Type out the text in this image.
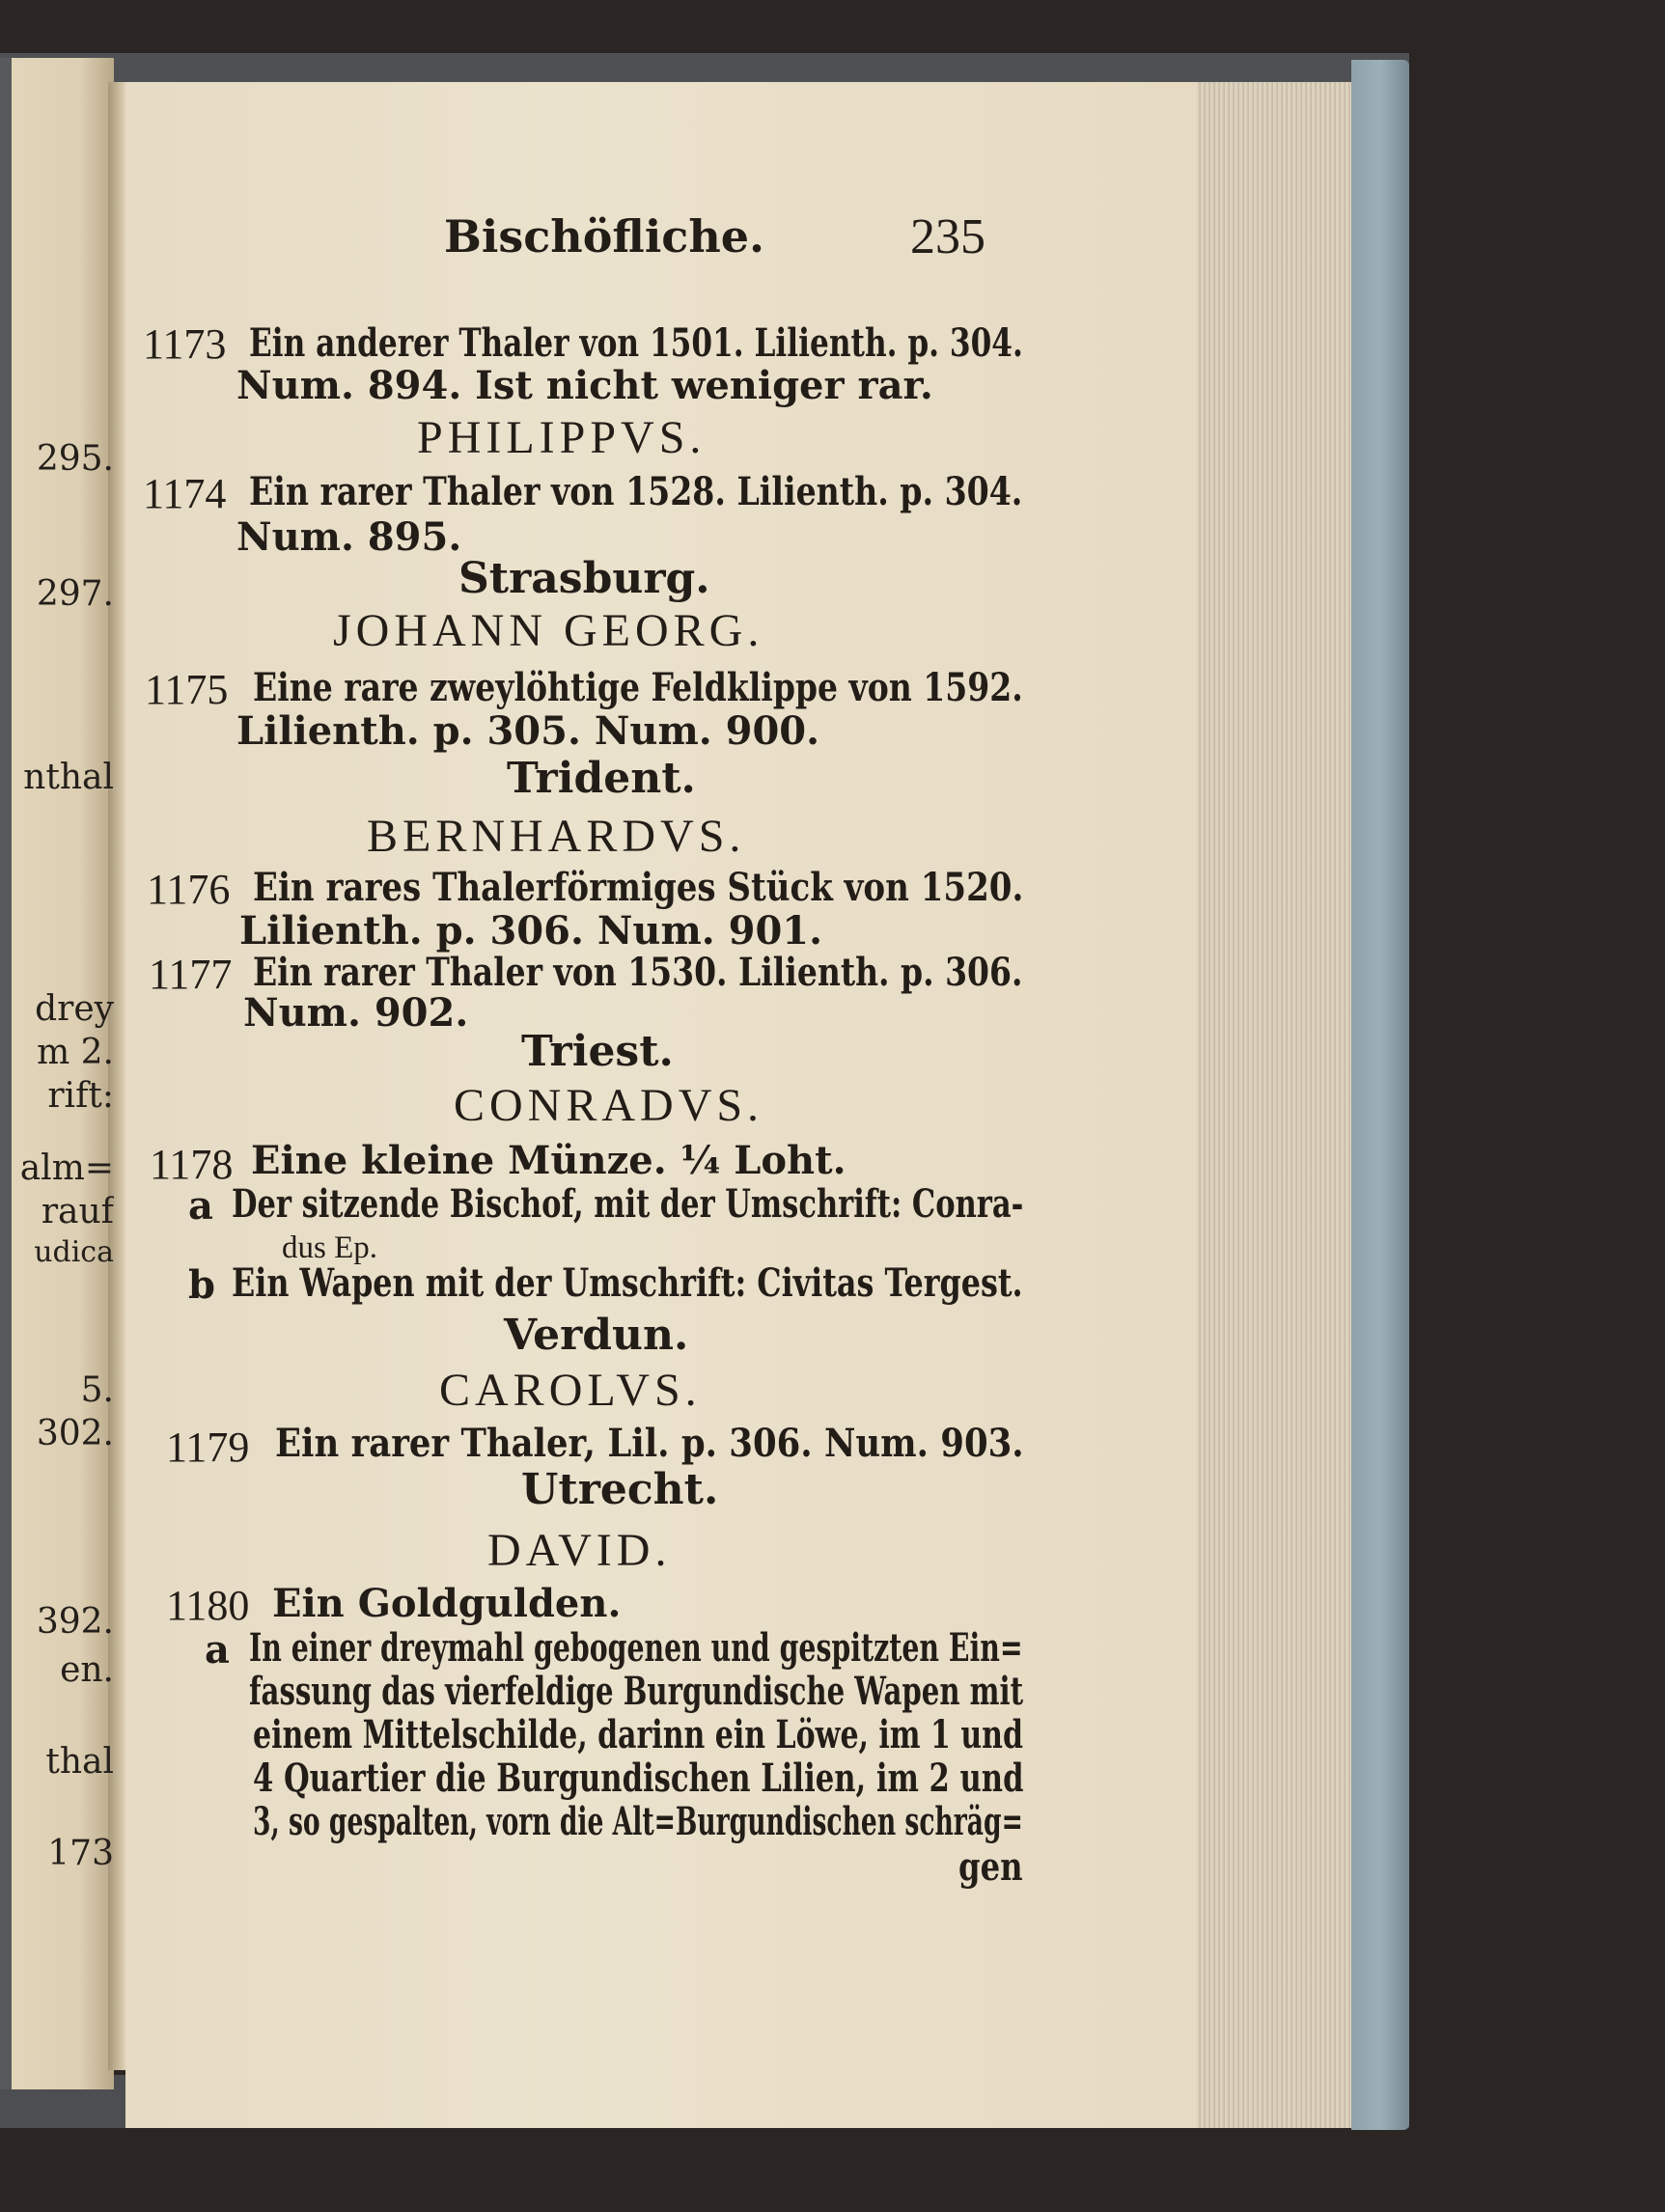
295.
297.
nthal
drey
m 2.
rift:
alm=
rauf
udica
5.
302.
392.
en.
thal
173
Bischöfliche.	235
1173 Ein anderer Thaler von 1501. Lilienth. p. 304.
Num. 894. Ist nicht weniger rar.
PHILIPPVS.
1174 Ein rarer Thaler von 1528. Lilienth. p. 304.
Num. 895.
Strasburg.
JOHANN GEORG.
1175 Eine rare zweylöhtige Feldklippe von 1592.
Lilienth. p. 305. Num. 900.
Trident.
BERNHARDVS.
1176 Ein rares Thalerförmiges Stück von 1520.
Lilienth. p. 306. Num. 901.
1177 Ein rarer Thaler von 1530. Lilienth. p. 306.
Num. 902.
Triest.
CONRADVS.
1178 Eine kleine Münze. ¼ Loht.
a Der sitzende Bischof, mit der Umschrift: Conra-
dus Ep.
b Ein Wapen mit der Umschrift: Civitas Tergest.
Verdun.
CAROLVS.
1179 Ein rarer Thaler, Lil. p. 306. Num. 903.
Utrecht.
DAVID.
1180 Ein Goldgulden.
a In einer dreymahl gebogenen und gespitzten Ein=
fassung das vierfeldige Burgundische Wapen mit
einem Mittelschilde, darinn ein Löwe, im 1 und
4 Quartier die Burgundischen Lilien, im 2 und
3, so gespalten, vorn die Alt=Burgundischen schräg=
gen
